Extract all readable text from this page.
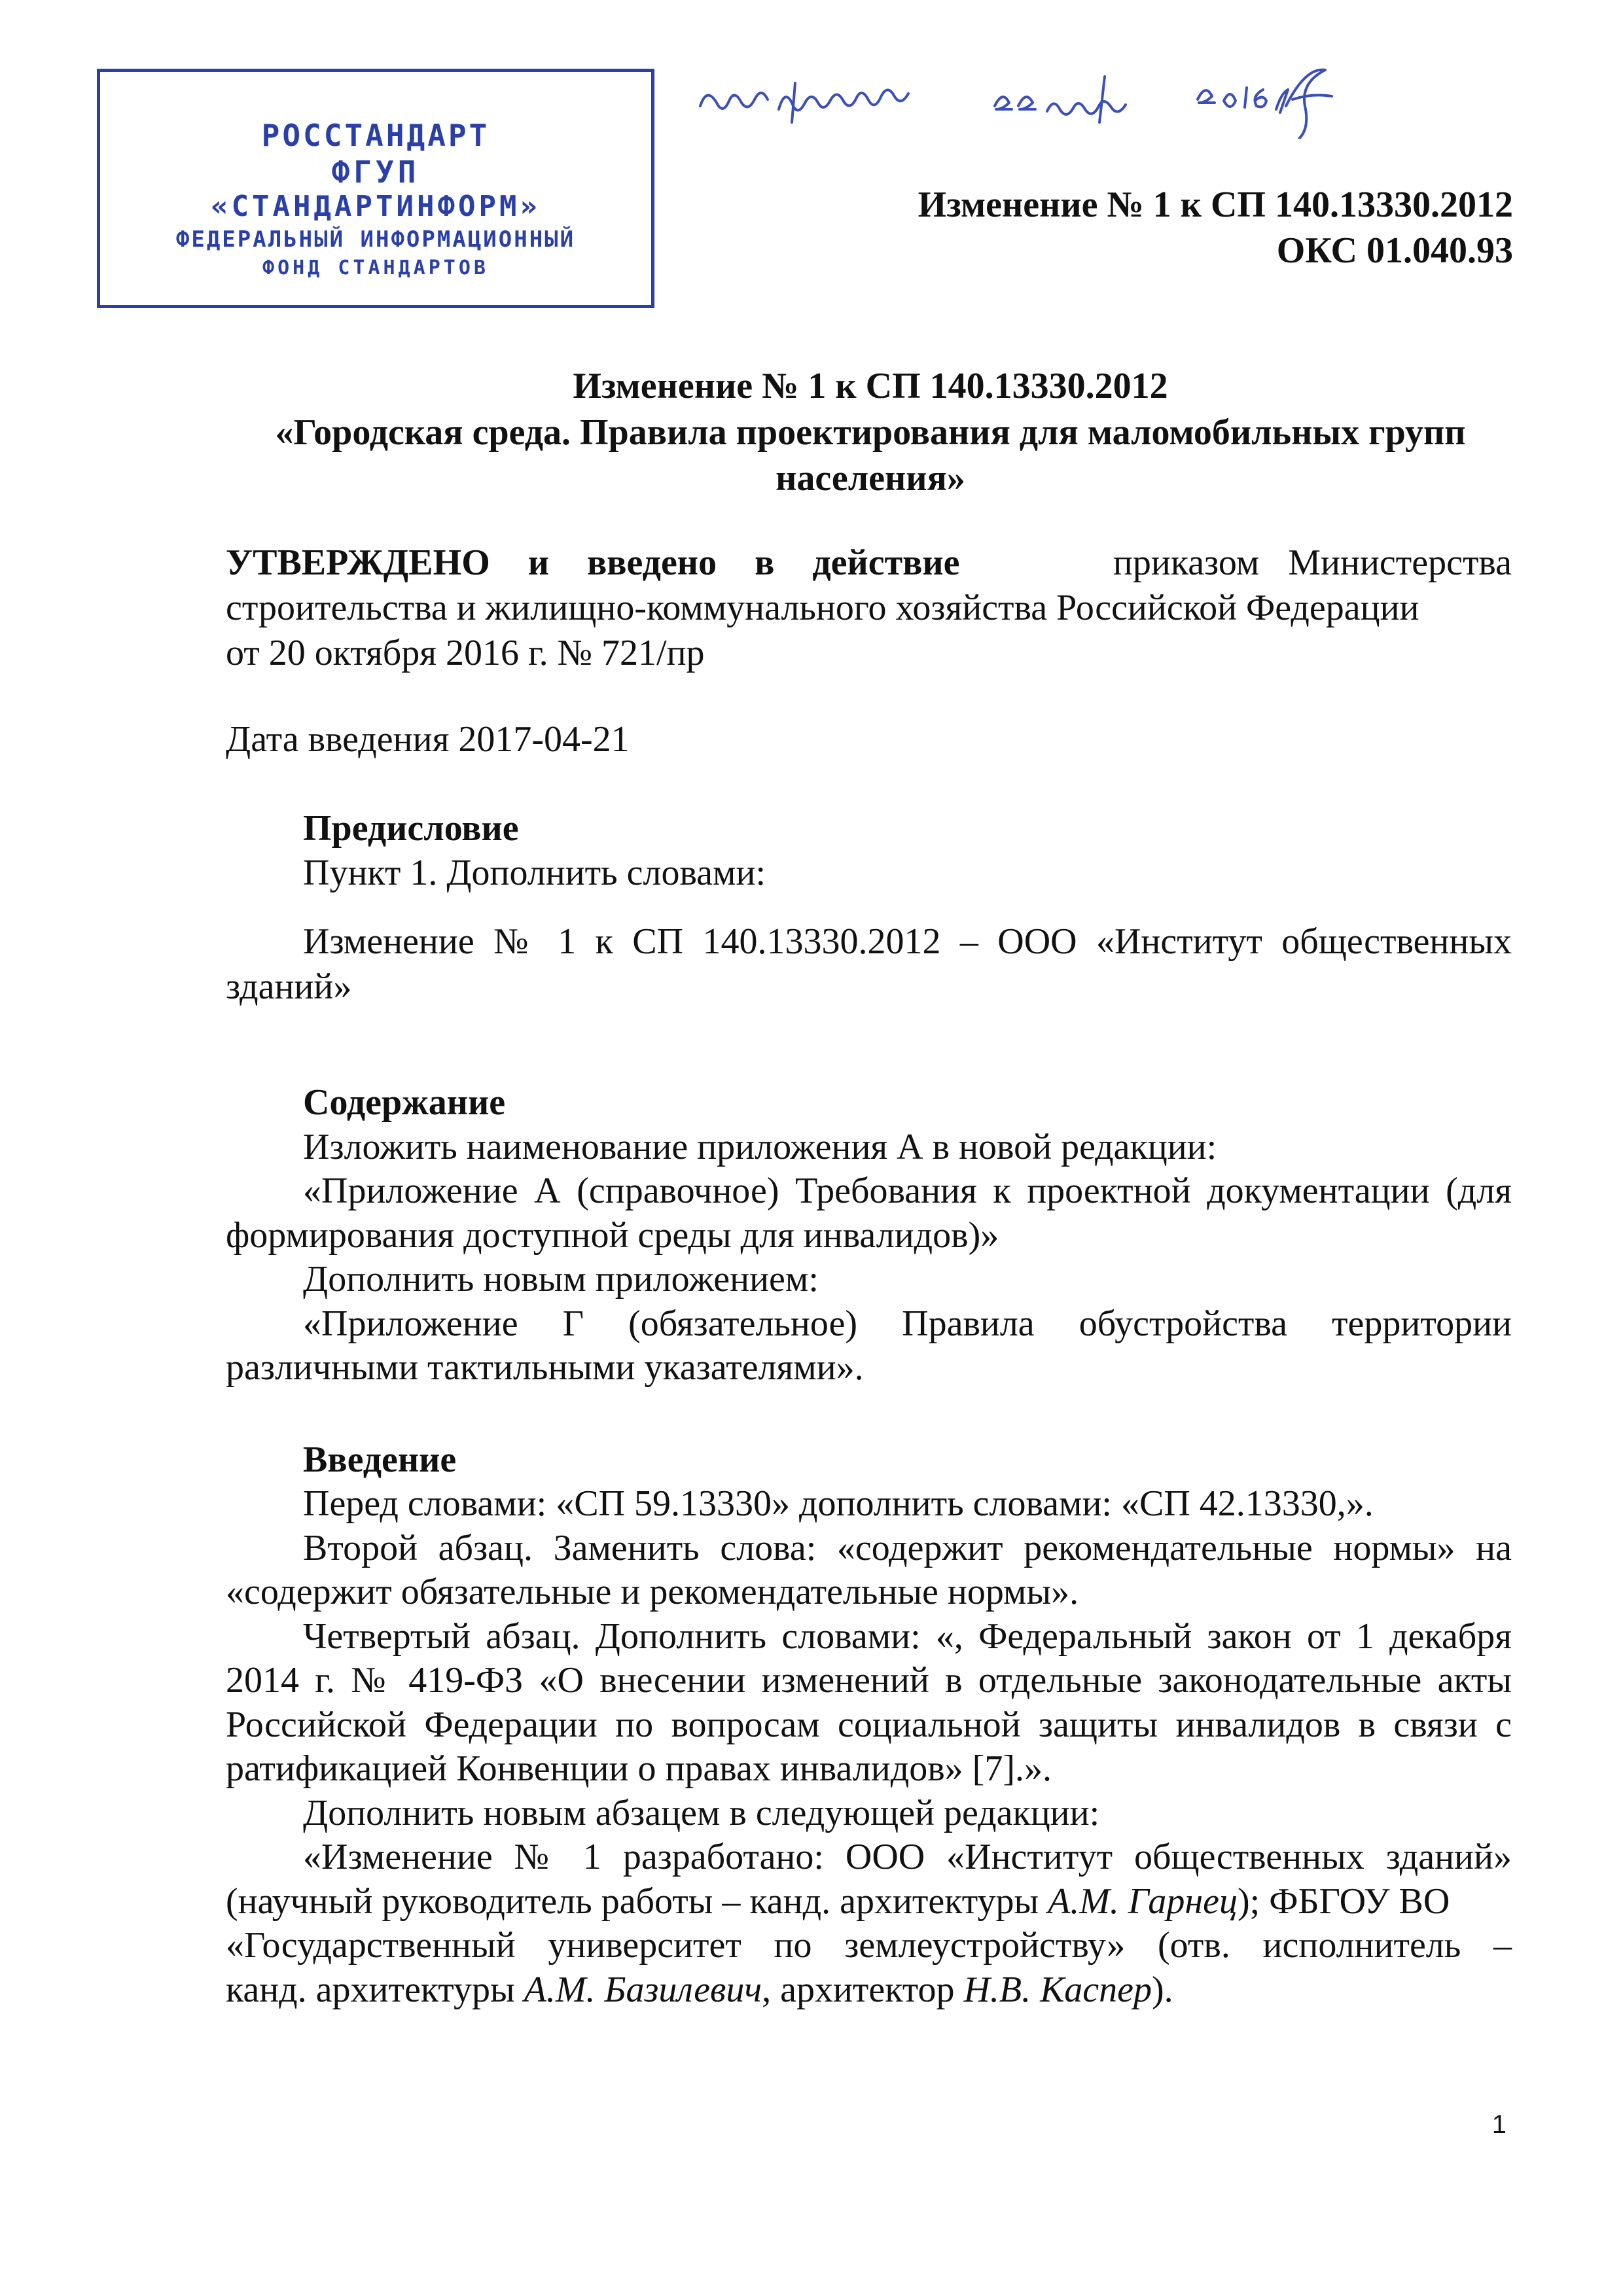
РОССТАНДАРТ
ФГУП
«СТАНДАРТИНФОРМ»
ФЕДЕРАЛЬНЫЙ ИНФОРМАЦИОННЫЙ
ФОНД СТАНДАРТОВ
Изменение № 1 к СП 140.13330.2012
ОКС 01.040.93
Изменение № 1 к СП 140.13330.2012
«Городская среда. Правила проектирования для маломобильных групп
населения»
УТВЕРЖДЕНО и введено в действие	приказом Министерства
строительства и жилищно-коммунального хозяйства Российской Федерации
от 20 октября 2016 г. № 721/пр
Дата введения 2017-04-21
Предисловие
Пункт 1. Дополнить словами:
Изменение № 1 к СП 140.13330.2012 – ООО «Институт общественных
зданий»
Содержание
Изложить наименование приложения А в новой редакции:
«Приложение А (справочное) Требования к проектной документации (для
формирования доступной среды для инвалидов)»
Дополнить новым приложением:
«Приложение Г (обязательное) Правила обустройства территории
различными тактильными указателями».
Введение
Перед словами: «СП 59.13330» дополнить словами: «СП 42.13330,».
Второй абзац. Заменить слова: «содержит рекомендательные нормы» на
«содержит обязательные и рекомендательные нормы».
Четвертый абзац. Дополнить словами: «, Федеральный закон от 1 декабря
2014 г. № 419-ФЗ «О внесении изменений в отдельные законодательные акты
Российской Федерации по вопросам социальной защиты инвалидов в связи с
ратификацией Конвенции о правах инвалидов» [7].».
Дополнить новым абзацем в следующей редакции:
«Изменение № 1 разработано: ООО «Институт общественных зданий»
(научный руководитель работы – канд. архитектуры А.М. Гарнец); ФБГОУ ВО
«Государственный университет по землеустройству» (отв. исполнитель –
канд. архитектуры А.М. Базилевич, архитектор Н.В. Каспер).
1
